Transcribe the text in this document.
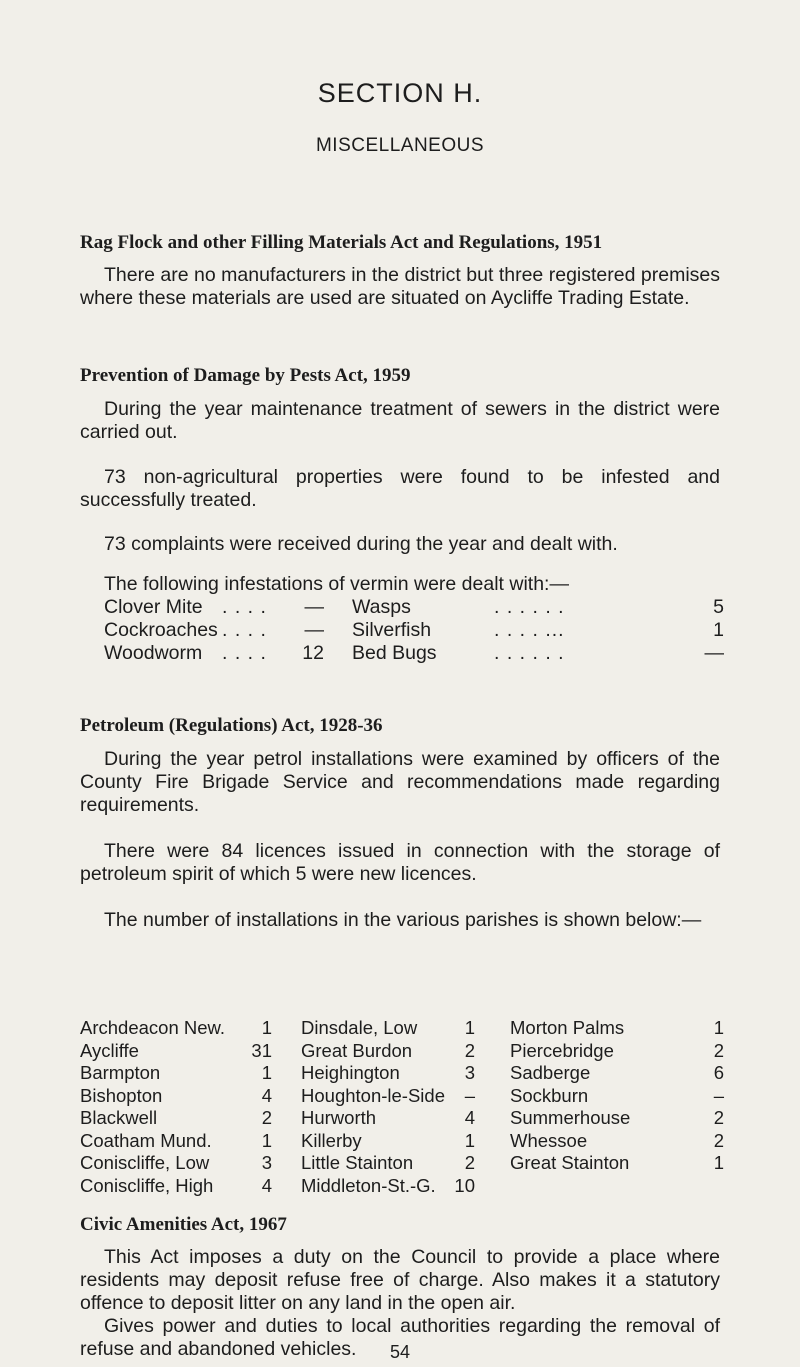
SECTION H.
MISCELLANEOUS
Rag Flock and other Filling Materials Act and Regulations, 1951
There are no manufacturers in the district but three registered premises where these materials are used are situated on Aycliffe Trading Estate.
Prevention of Damage by Pests Act, 1959
During the year maintenance treatment of sewers in the district were carried out.
73 non-agricultural properties were found to be infested and successfully treated.
73 complaints were received during the year and dealt with.
The following infestations of vermin were dealt with:—
Clover Mite . . . .	— Wasps	. . . . . .	5
Cockroaches . . . .	— Silverfish	. . . . ...	1
Woodworm . . . .	12 Bed Bugs	. . . . . .	—
Petroleum (Regulations) Act, 1928-36
During the year petrol installations were examined by officers of the County Fire Brigade Service and recommendations made regarding requirements.
There were 84 licences issued in connection with the storage of petroleum spirit of which 5 were new licences.
The number of installations in the various parishes is shown below:—
Archdeacon New.	1 Dinsdale, Low	1 Morton Palms	1
Aycliffe	31 Great Burdon	2 Piercebridge	2
Barmpton	1 Heighington	3 Sadberge	6
Bishopton	4 Houghton-le-Side	– Sockburn	–
Blackwell	2 Hurworth	4 Summerhouse	2
Coatham Mund.	1 Killerby	1 Whessoe	2
Coniscliffe, Low	3 Little Stainton	2 Great Stainton	1
Coniscliffe, High	4 Middleton-St.-G.	10
Civic Amenities Act, 1967
This Act imposes a duty on the Council to provide a place where residents may deposit refuse free of charge. Also makes it a statutory offence to deposit litter on any land in the open air.
Gives power and duties to local authorities regarding the removal of refuse and abandoned vehicles.	54
